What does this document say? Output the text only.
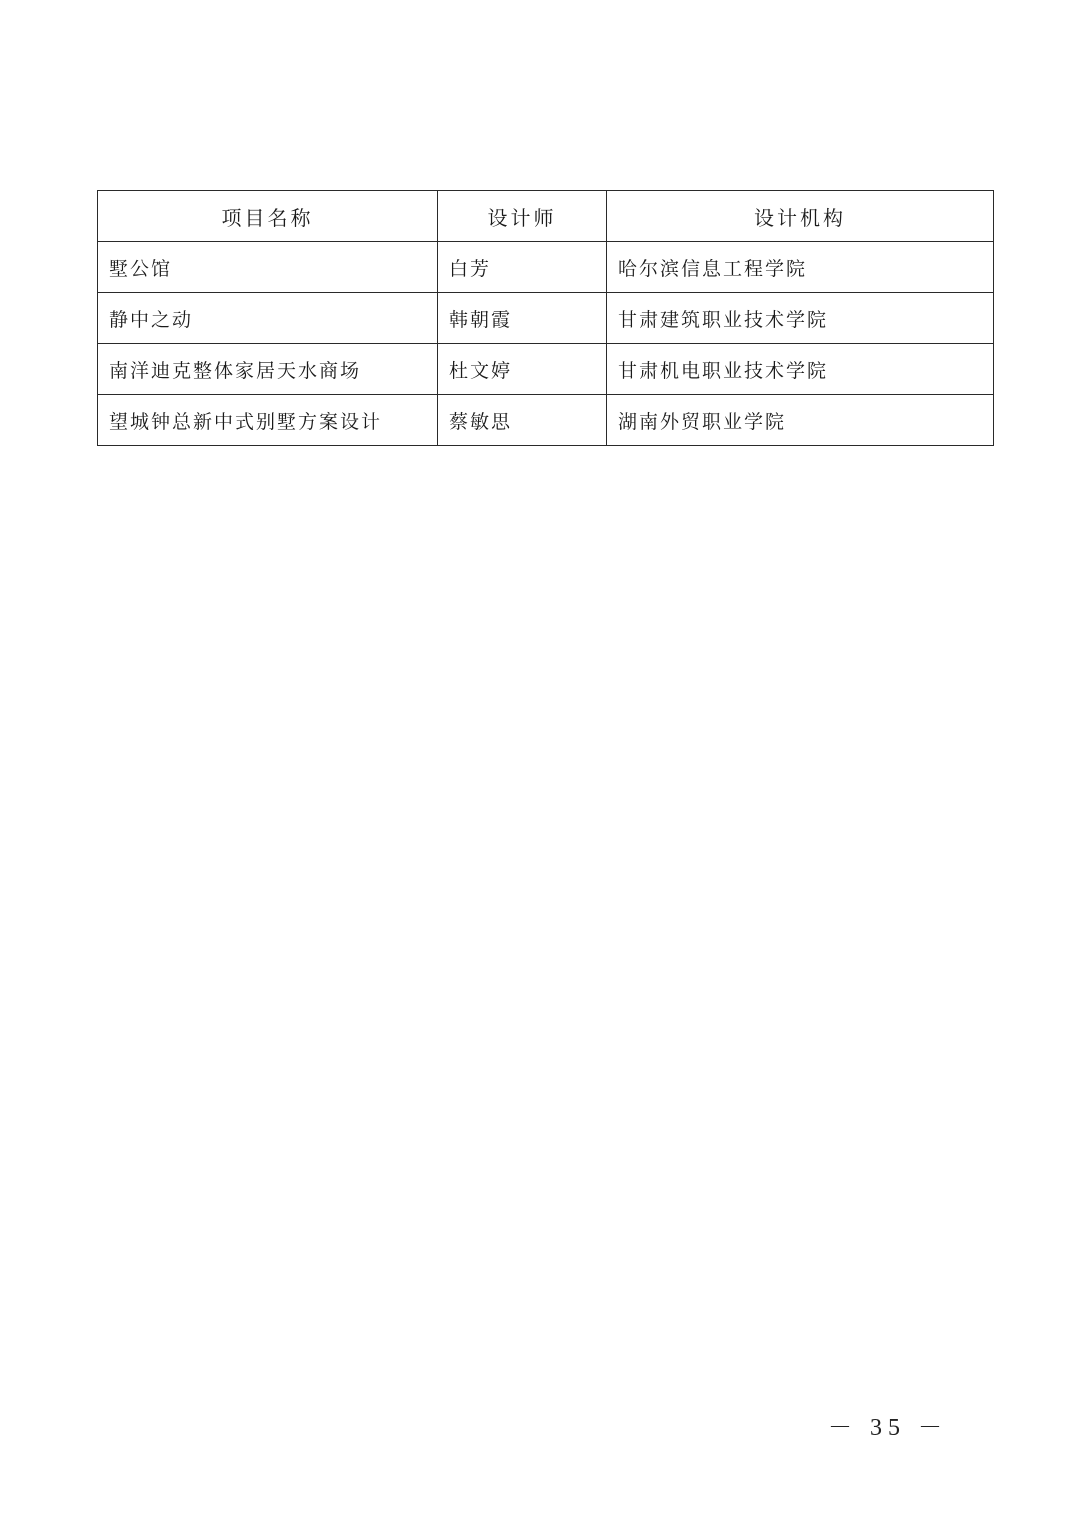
项目名称	设计师	设计机构
墅公馆	白芳	哈尔滨信息工程学院
静中之动	韩朝霞	甘肃建筑职业技术学院
南洋迪克整体家居天水商场	杜文婷	甘肃机电职业技术学院
望城钟总新中式别墅方案设计	蔡敏思	湖南外贸职业学院
－ 35 －
